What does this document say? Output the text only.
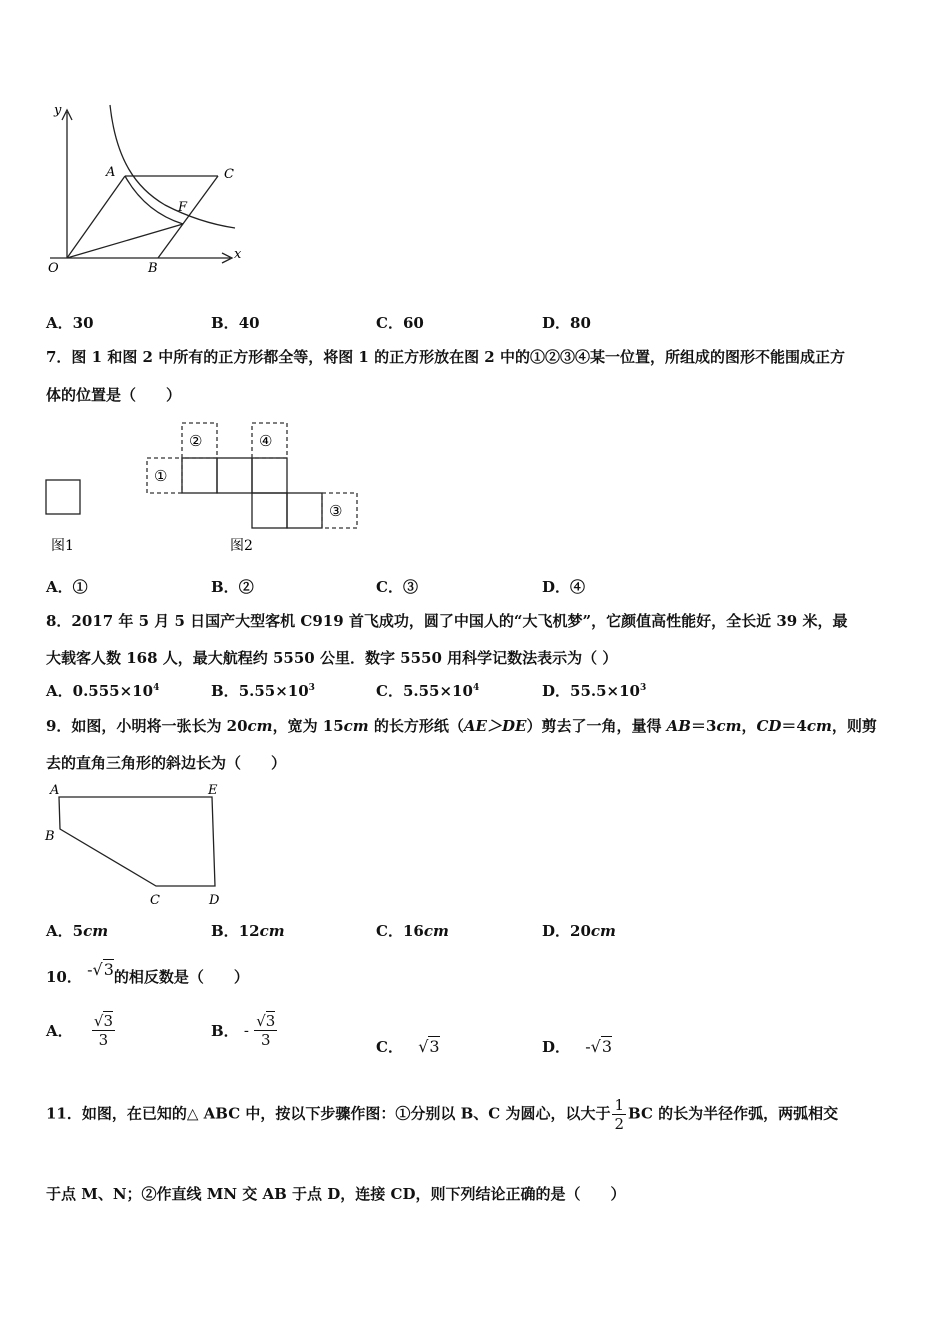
y
x
O
A
B
C
F
A．30	B．40	C．60	D．80
7．图 1 和图 2 中所有的正方形都全等，将图 1 的正方形放在图 2 中的①②③④某一位置，所组成的图形不能围成正方
体的位置是（　　）
图1
①
②	④
③
图2
A．①	B．②	C．③	D．④
8．2017 年 5 月 5 日国产大型客机 C919 首飞成功，圆了中国人的“大飞机梦”，它颜值高性能好，全长近 39 米，最
大载客人数 168 人，最大航程约 5550 公里．数字 5550 用科学记数法表示为（ ）
A．$0.555\times 10^4$	B．$5.55\times 10^3$	C．$5.55\times 10^4$	D．$55.5\times 10^3$
9．如图，小明将一张长为 20cm，宽为 15cm 的长方形纸（AE＞DE）剪去了一角，量得 AB＝3cm，CD＝4cm，则剪
去的直角三角形的斜边长为（　　）
A	E
B
C	D
A．5cm	B．12cm	C．16cm	D．20cm
10． -√3的相反数是（　　）
A． $\frac{√3}{3}$	B． - $\frac{√3}{3}$	C． √3	D． -√3
11．如图，在已知的△ ABC 中，按以下步骤作图：①分别以 B、C 为圆心，以大于 $\frac{1}{2}$ BC 的长为半径作弧，两弧相交
于点 M、N；②作直线 MN 交 AB 于点 D，连接 CD，则下列结论正确的是（　　）
